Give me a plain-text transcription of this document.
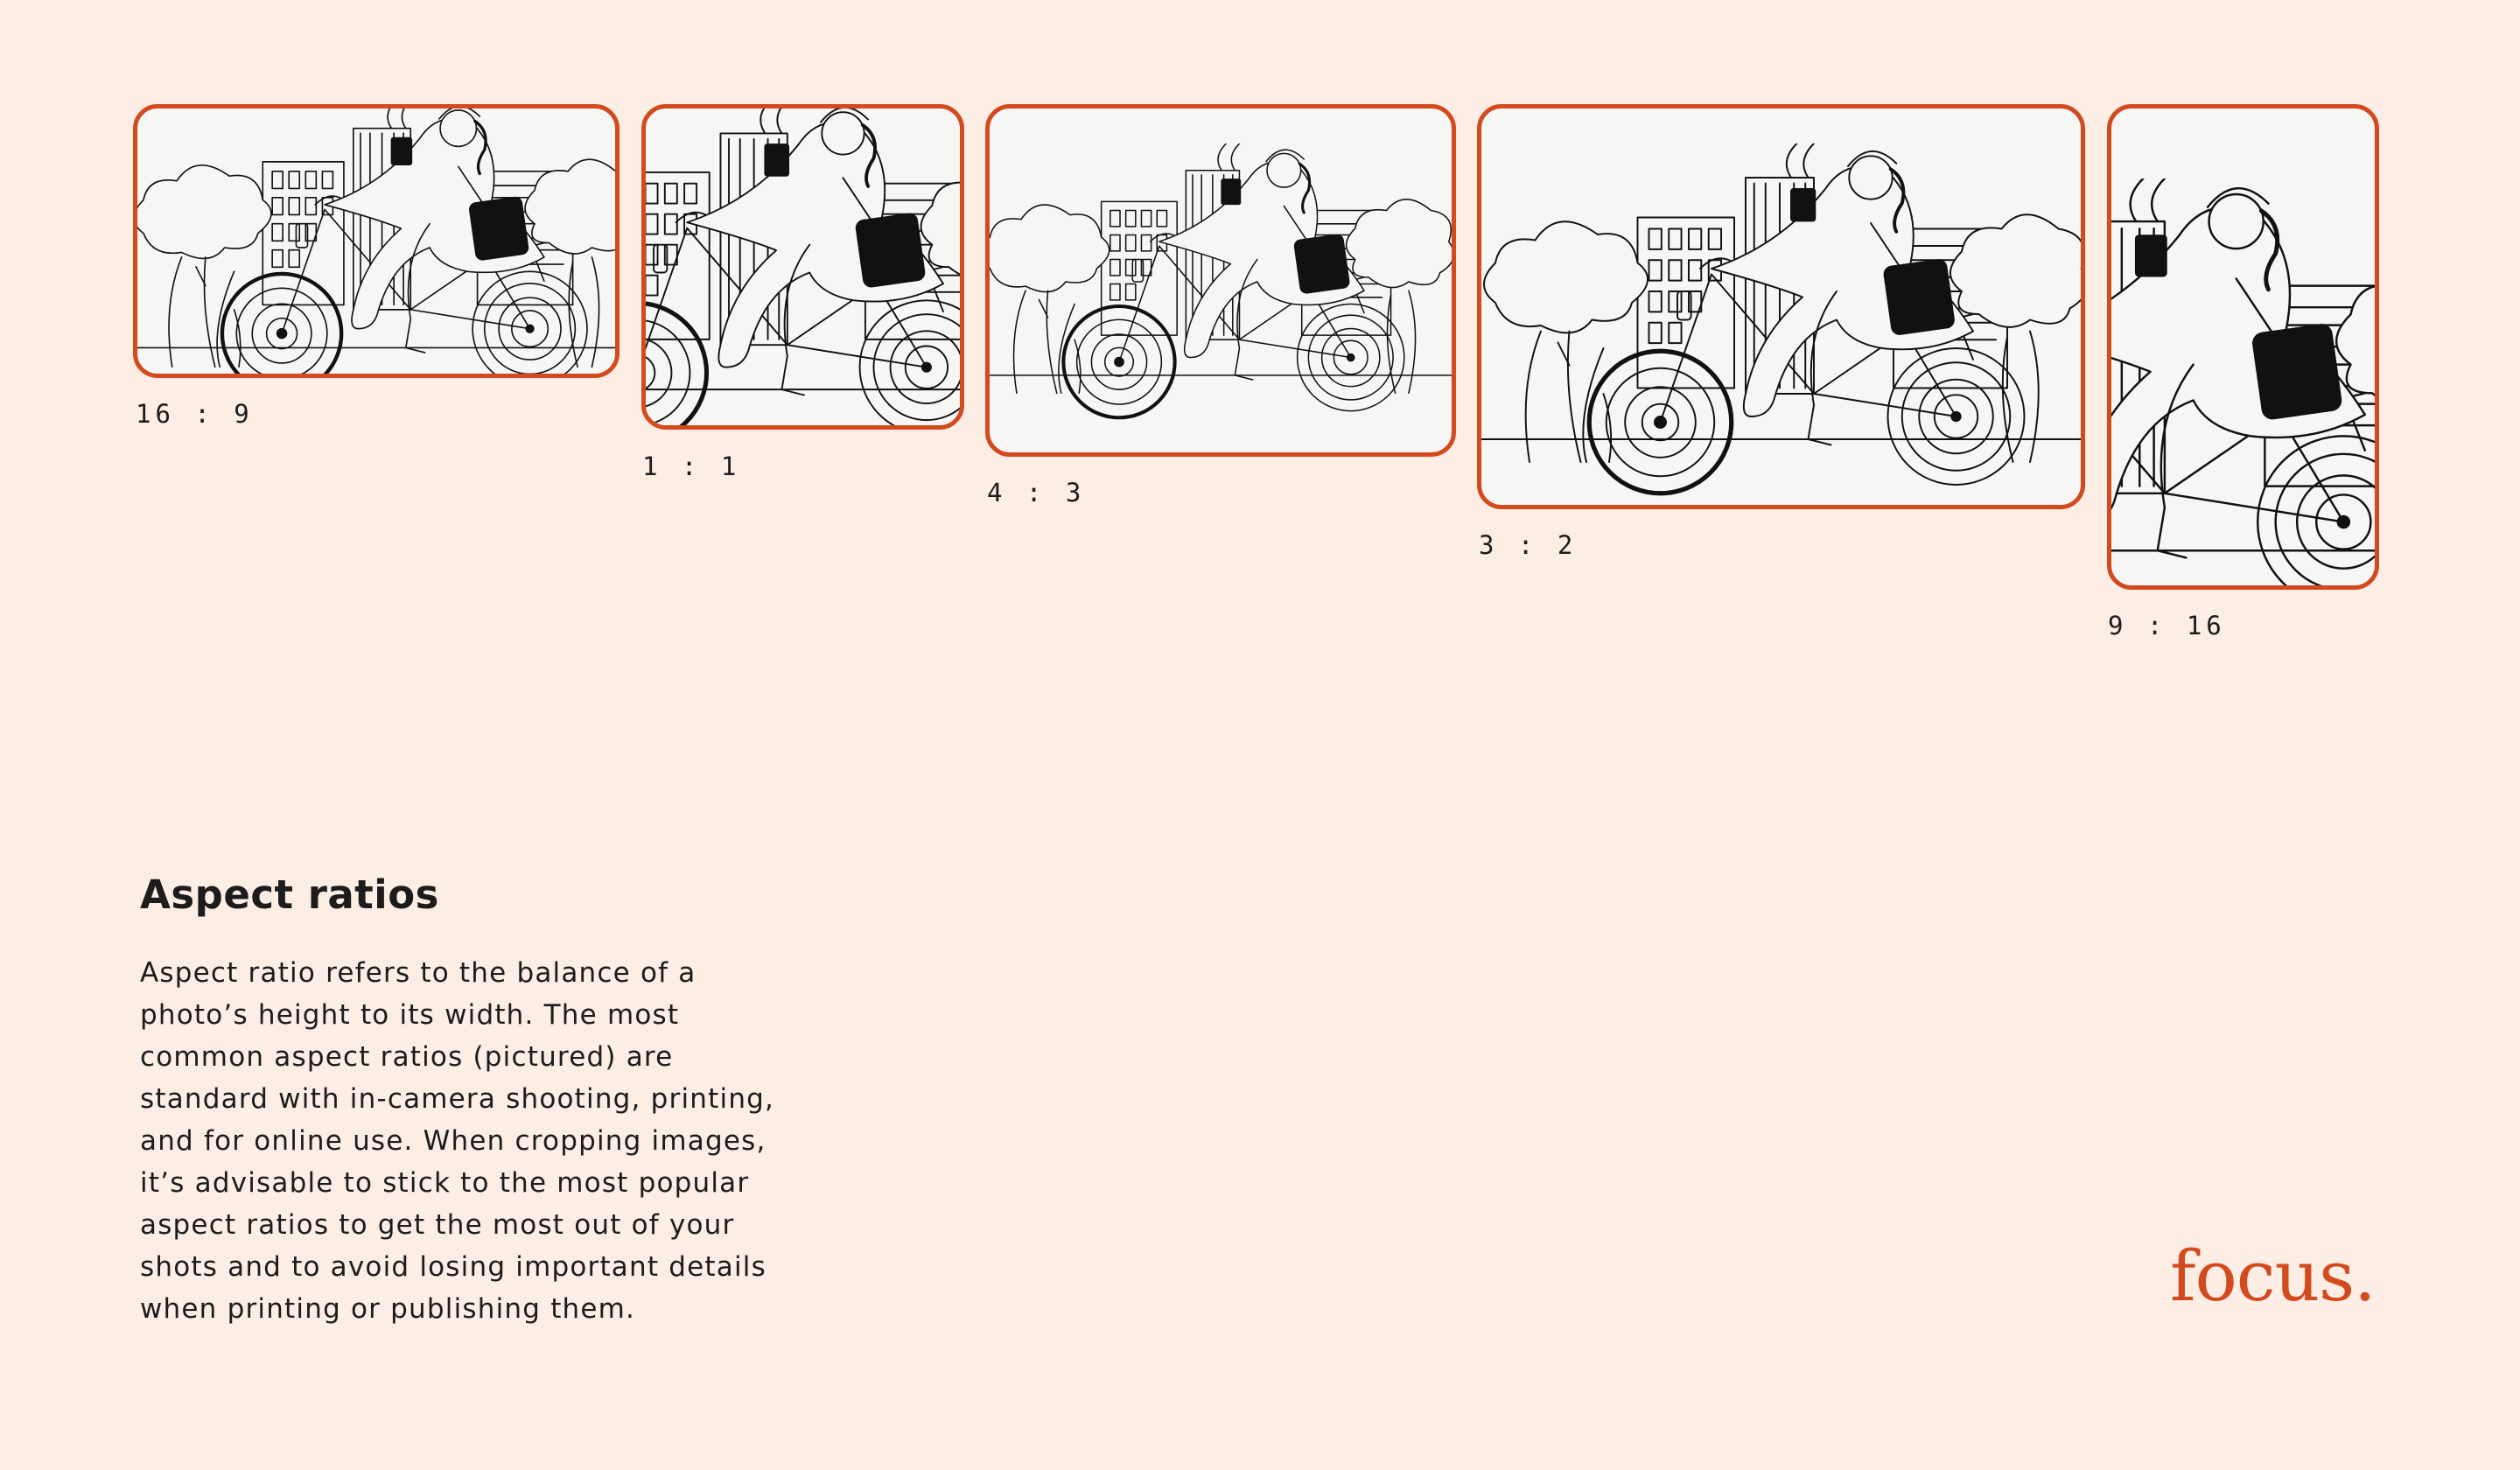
16 : 9
1 : 1
4 : 3
3 : 2
9 : 16
Aspect ratios

Aspect ratio refers to the balance of a
photo’s height to its width. The most
common aspect ratios (pictured) are
standard with in-camera shooting, printing,
and for online use. When cropping images,
it’s advisable to stick to the most popular
aspect ratios to get the most out of your
shots and to avoid losing important details
when printing or publishing them.	focus.
